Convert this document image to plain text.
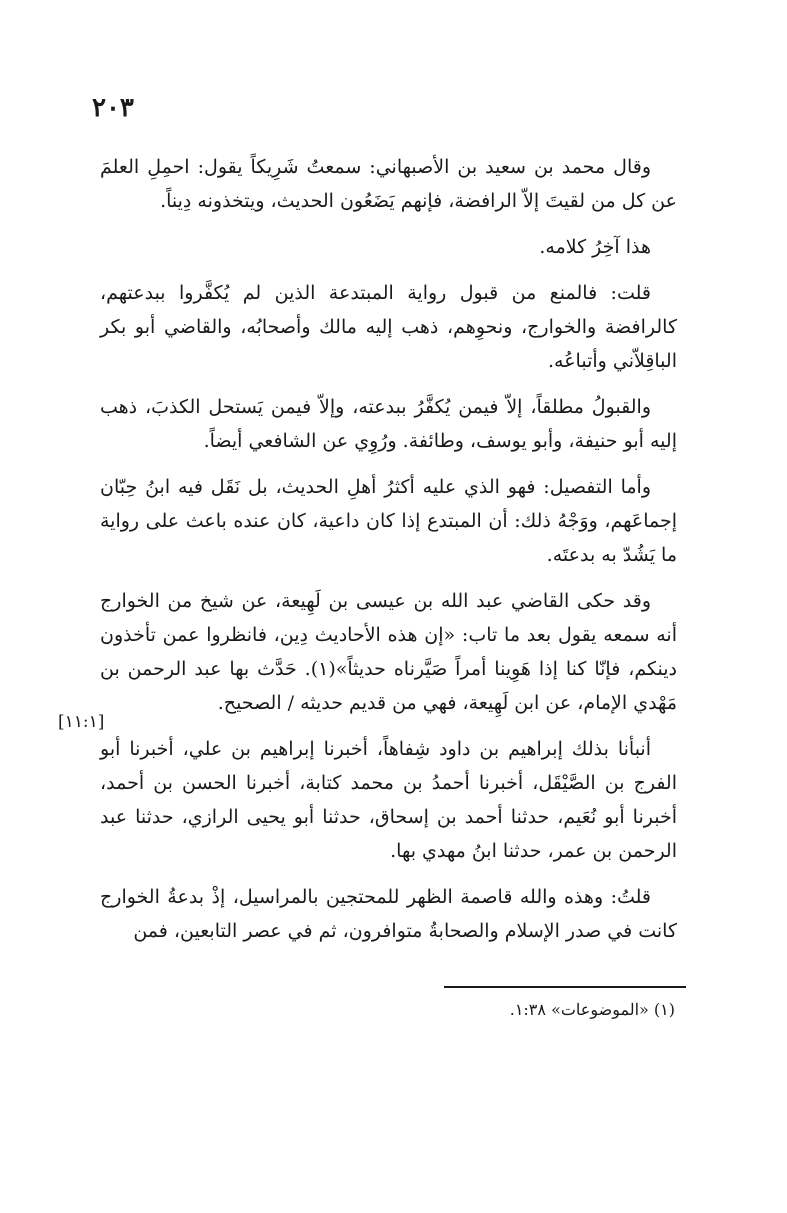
٢٠٣

وقال محمد بن سعيد بن الأصبهاني: سمعتُ شَرِيكاً يقول: احمِلِ العلمَ عن كل من لقيتَ إلاّ الرافضة، فإنهم يَضَعُون الحديث، ويتخذونه دِيناً.

هذا آخِرُ كلامه.

قلت: فالمنع من قبول رواية المبتدعة الذين لم يُكفَّروا ببدعتهم، كالرافضة والخوارج، ونحوِهم، ذهب إليه مالك وأصحابُه، والقاضي أبو بكر الباقِلاّني وأتباعُه.

والقبولُ مطلقاً، إلاّ فيمن يُكفَّرُ ببدعته، وإلاّ فيمن يَستحل الكذبَ، ذهب إليه أبو حنيفة، وأبو يوسف، وطائفة. ورُوِي عن الشافعي أيضاً.

وأما التفصيل: فهو الذي عليه أكثرُ أهلِ الحديث، بل نَقَل فيه ابنُ حِبّان إجماعَهم، ووَجْهُ ذلك: أن المبتدع إذا كان داعية، كان عنده باعث على رواية ما يَشُدّ به بدعتَه.

وقد حكى القاضي عبد الله بن عيسى بن لَهِيعة، عن شيخ من الخوارج أنه سمعه يقول بعد ما تاب: «إن هذه الأحاديث دِين، فانظروا عمن تأخذون دينكم، فإنّا كنا إذا هَوِينا أمراً صَيَّرناه حديثاً»(١). حَدَّث بها عبد الرحمن بن مَهْدي الإمام، عن ابن لَهِيعة، فهي من قديم حديثه / الصحيح.

أنبأنا بذلك إبراهيم بن داود شِفاهاً، أخبرنا إبراهيم بن علي، أخبرنا أبو الفرج بن الصَّيْقَل، أخبرنا أحمدُ بن محمد كتابة، أخبرنا الحسن بن أحمد، أخبرنا أبو نُعَيم، حدثنا أحمد بن إسحاق، حدثنا أبو يحيى الرازي، حدثنا عبد الرحمن بن عمر، حدثنا ابنُ مهدي بها.

قلتُ: وهذه والله قاصمة الظهر للمحتجين بالمراسيل، إذْ بدعةُ الخوارج كانت في صدر الإسلام والصحابةُ متوافرون، ثم في عصر التابعين، فمن

[١١:١]
(١) «الموضوعات» ١:٣٨.
